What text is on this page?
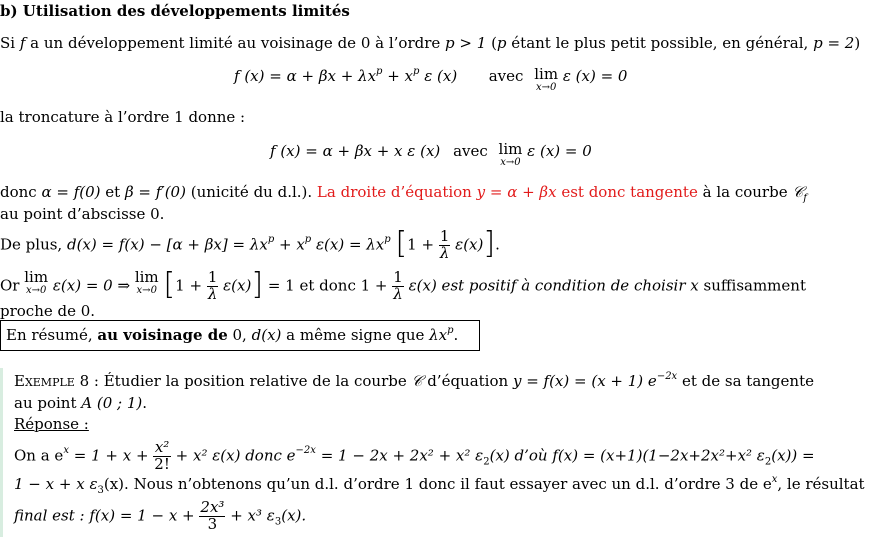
b) Utilisation des développements limités
Si f a un développement limité au voisinage de 0 à l’ordre p > 1 (p étant le plus petit possible, en général, p = 2)
f $(x) = \alpha + \beta x + \lambda x^p + x^p$ ε (x) avec lim
x→0
ε (x) = 0
la troncature à l’ordre 1 donne :
f (x) = α + βx + x ε (x) avec lim
x→0
ε (x) = 0
donc α = f(0) et β = f′(0) (unicité du d.l.). La droite d’équation y = α + βx est donc tangente à la courbe 𝒞$_f$
au point d’abscisse 0.
De plus, $d(x) = f(x) - [\alpha + \beta x] = \lambda x^p + x^p$ $\varepsilon(x) = \lambda x^p$ $[1 + \frac{1}{\lambda} \varepsilon(x)]$.
Or lim
x→0 ε(x) = 0 ⇒ lim
x→0 $[1 + \frac{1}{\lambda} \varepsilon(x)] = 1$ et donc $1 + \frac{1}{\lambda} \varepsilon(x)$ est positif à condition de choisir x suffisamment
proche de 0.
En résumé, au voisinage de 0, d(x) a même signe que $\lambda x^p$.
Exemple 8 : Étudier la position relative de la courbe 𝒞 d’équation y = f(x) = (x + 1) $e^{-2x}$ et de sa tangente
au point A (0 ; 1).
Réponse :
On a $e^x = 1 + x + \frac{\text{x²}}{2!} + x^2$ ε(x) donc $e^{-2x} = 1 - 2x + 2x^2 + x^2$ $\varepsilon_2(x)$ d’où f(x) = (x+1)(1−2x+2x²+x² $\varepsilon_2(x)$) =
1 − x + x $\varepsilon_3(x)$. Nous n’obtenons qu’un d.l. d’ordre 1 donc il faut essayer avec un d.l. d’ordre 3 de $e^x$, le résultat
final est : $f(x) = 1 - x + \frac{\text{2x³}}{3} + x^3$ $\varepsilon_3(x)$.
